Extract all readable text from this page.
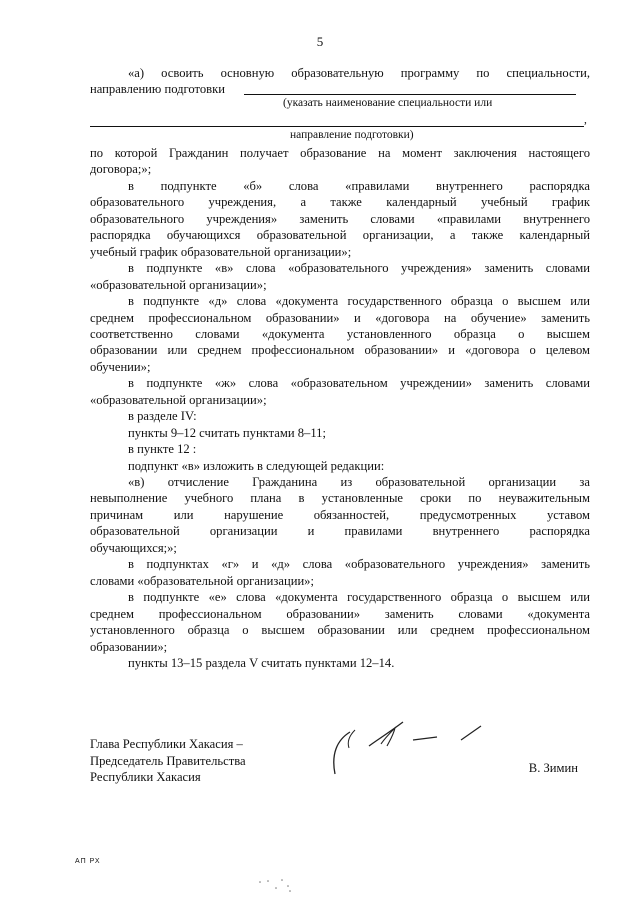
5
«а) освоить основную образовательную программу по специальности,
направлению подготовки
(указать наименование специальности или
,
направление подготовки)
по которой Гражданин получает образование на момент заключения настоящего
договора;»;
в подпункте «б» слова «правилами внутреннего распорядка
образовательного учреждения, а также календарный учебный график
образовательного учреждения» заменить словами «правилами внутреннего
распорядка обучающихся образовательной организации, а также календарный
учебный график образовательной организации»;
в подпункте «в» слова «образовательного учреждения» заменить словами
«образовательной организации»;
в подпункте «д» слова «документа государственного образца о высшем или
среднем профессиональном образовании» и «договора на обучение» заменить
соответственно словами «документа установленного образца о высшем
образовании или среднем профессиональном образовании» и «договора о целевом
обучении»;
в подпункте «ж» слова «образовательном учреждении» заменить словами
«образовательной организации»;
в разделе IV:
пункты 9–12 считать пунктами 8–11;
в пункте 12 :
подпункт «в» изложить в следующей редакции:
«в) отчисление Гражданина из образовательной организации за
невыполнение учебного плана в установленные сроки по неуважительным
причинам или нарушение обязанностей, предусмотренных уставом
образовательной организации и правилами внутреннего распорядка
обучающихся;»;
в подпунктах «г» и «д» слова «образовательного учреждения» заменить
словами «образовательной организации»;
в подпункте «е» слова «документа государственного образца о высшем или
среднем профессиональном образовании» заменить словами «документа
установленного образца о высшем образовании или среднем профессиональном
образовании»;
пункты 13–15 раздела V считать пунктами 12–14.
Глава Республики Хакасия –
Председатель Правительства
Республики Хакасия
В. Зимин
АП РХ
